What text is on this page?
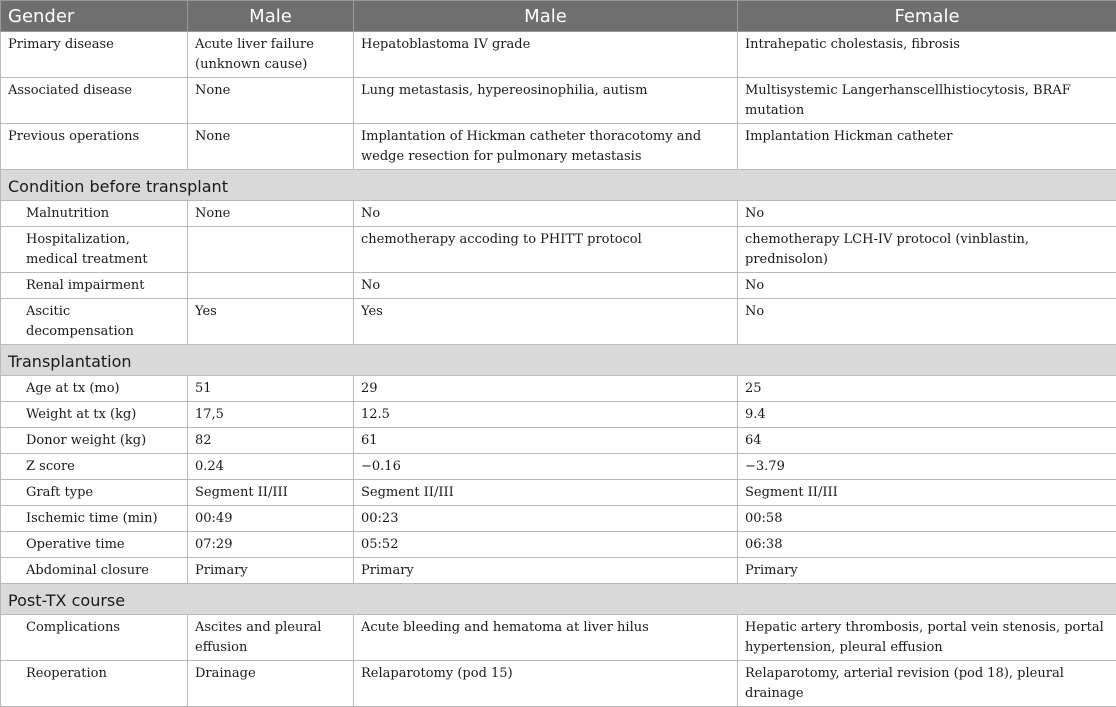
Gender	Male	Male	Female
Primary disease	Acute liver failure (unknown cause)	Hepatoblastoma IV grade	Intrahepatic cholestasis, fibrosis
Associated disease	None	Lung metastasis, hypereosinophilia, autism	Multisystemic Langerhanscellhistiocytosis, BRAF mutation
Previous operations	None	Implantation of Hickman catheter thoracotomy and wedge resection for pulmonary metastasis	Implantation Hickman catheter
Condition before transplant			
Malnutrition	None	No	No

Hospitalization, medical treatment		chemotherapy accoding to PHITT protocol	chemotherapy LCH-IV protocol (vinblastin, prednisolon)
Renal impairment		No	No
Ascitic decompensation	Yes	Yes	No
Transplantation			
Age at tx (mo)	51	29	25
Weight at tx (kg)	17,5	12.5	9.4
Donor weight (kg)	82	61	64
Z score	0.24	−0.16	−3.79
Graft type	Segment II/III	Segment II/III	Segment II/III
Ischemic time (min)	00:49	00:23	00:58
Operative time	07:29	05:52	06:38
Abdominal closure	Primary	Primary	Primary
Post-TX course			
Complications	Ascites and pleural effusion	Acute bleeding and hematoma at liver hilus	Hepatic artery thrombosis, portal vein stenosis, portal hypertension, pleural effusion
Reoperation	Drainage	Relaparotomy (pod 15)	Relaparotomy, arterial revision (pod 18), pleural drainage
